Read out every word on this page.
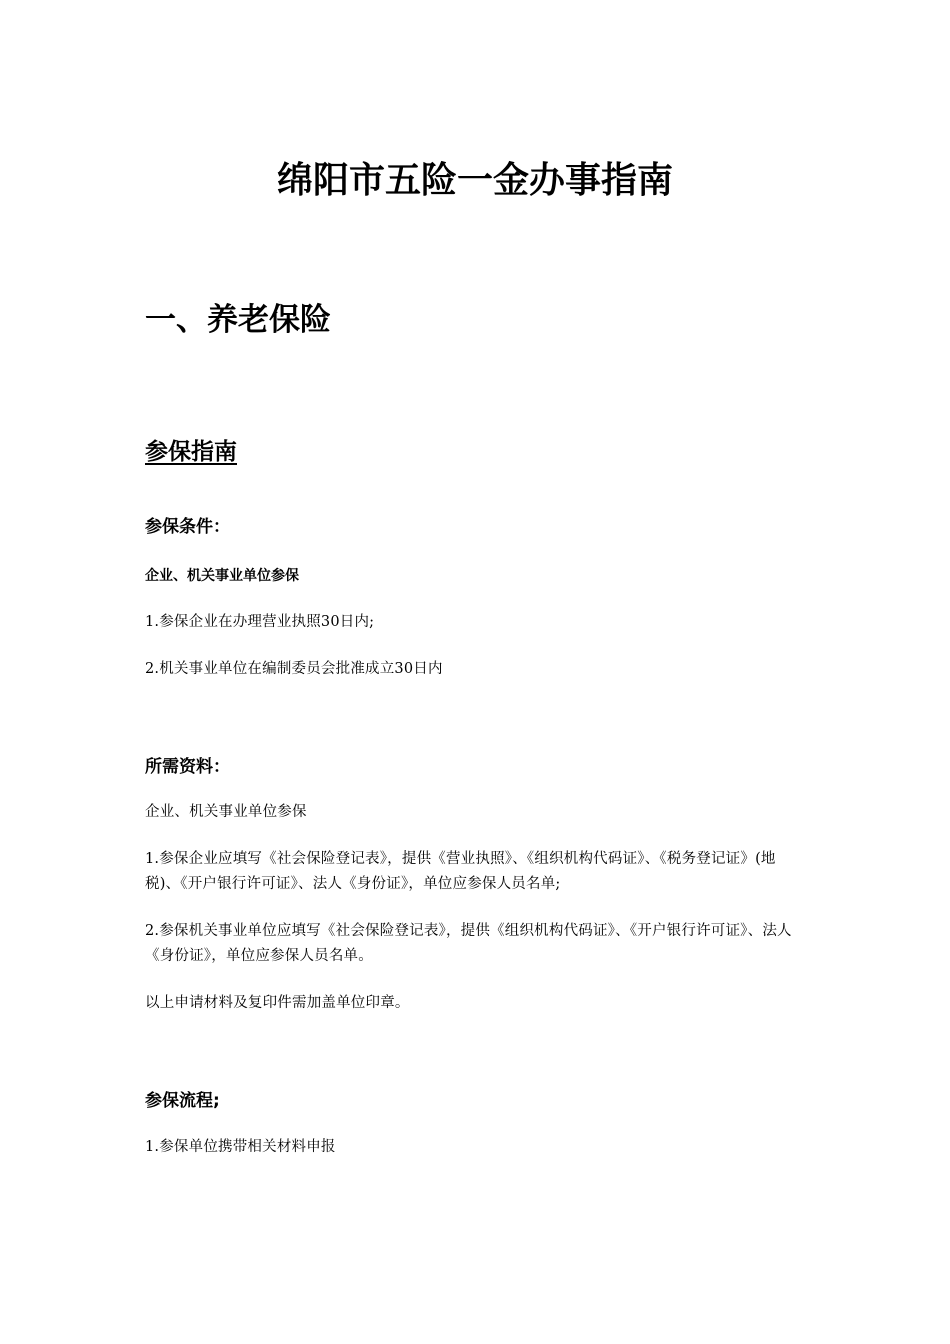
绵阳市五险一金办事指南
一、养老保险
参保指南
参保条件：
企业、机关事业单位参保

1.参保企业在办理营业执照30日内;

2.机关事业单位在编制委员会批准成立30日内

所需资料：

企业、机关事业单位参保

1.参保企业应填写《社会保险登记表》，提供《营业执照》、《组织机构代码证》、《税务登记证》(地税)、《开户银行许可证》、法人《身份证》，单位应参保人员名单;

2.参保机关事业单位应填写《社会保险登记表》，提供《组织机构代码证》、《开户银行许可证》、法人《身份证》，单位应参保人员名单。

以上申请材料及复印件需加盖单位印章。

参保流程;

1.参保单位携带相关材料申报
